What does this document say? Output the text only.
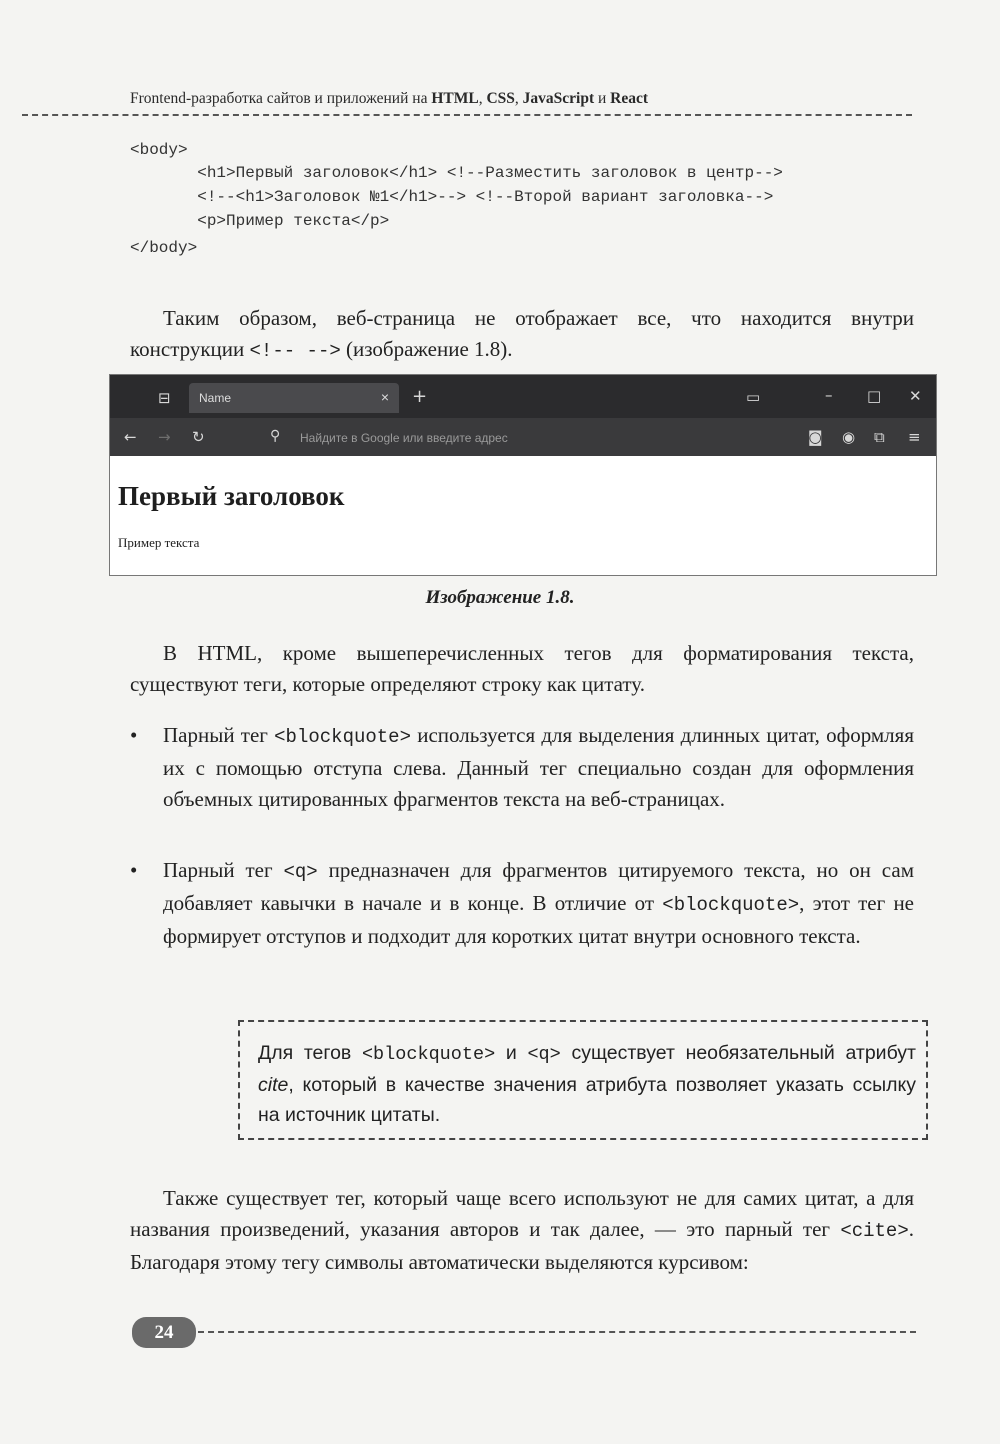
Frontend-разработка сайтов и приложений на HTML, CSS, JavaScript и React
<body>
<h1>Первый заголовок</h1> <!--Разместить заголовок в центр-->
<!--<h1>Заголовок №1</h1>--> <!--Второй вариант заголовка-->
<p>Пример текста</p>
</body>
Таким образом, веб-страница не отображает все, что находится внутри конструкции <!-- --> (изображение 1.8).
⊟ Name	× +	▭	– □ ✕
← → ↻	⚲ Найдите в Google или введите адрес	◙ ◉ ⧉ ≡
Первый заголовок
Пример текста
Изображение 1.8.
В HTML, кроме вышеперечисленных тегов для форматирования текста, существуют теги, которые определяют строку как цитату.
•	Парный тег <blockquote> используется для выделения длинных цитат, оформляя их с помощью отступа слева. Данный тег специально создан для оформления объемных цитированных фрагментов текста на веб-страницах.
•	Парный тег <q> предназначен для фрагментов цитируемого текста, но он сам добавляет кавычки в начале и в конце. В отличие от <blockquote>, этот тег не формирует отступов и подходит для коротких цитат внутри основного текста.
Для тегов <blockquote> и <q> существует необязательный атрибут cite, который в качестве значения атрибута позволяет указать ссылку на источник цитаты.
Также существует тег, который чаще всего используют не для самих цитат, а для названия произведений, указания авторов и так далее, — это парный тег <cite>. Благодаря этому тегу символы автоматически выделяются курсивом:
24
